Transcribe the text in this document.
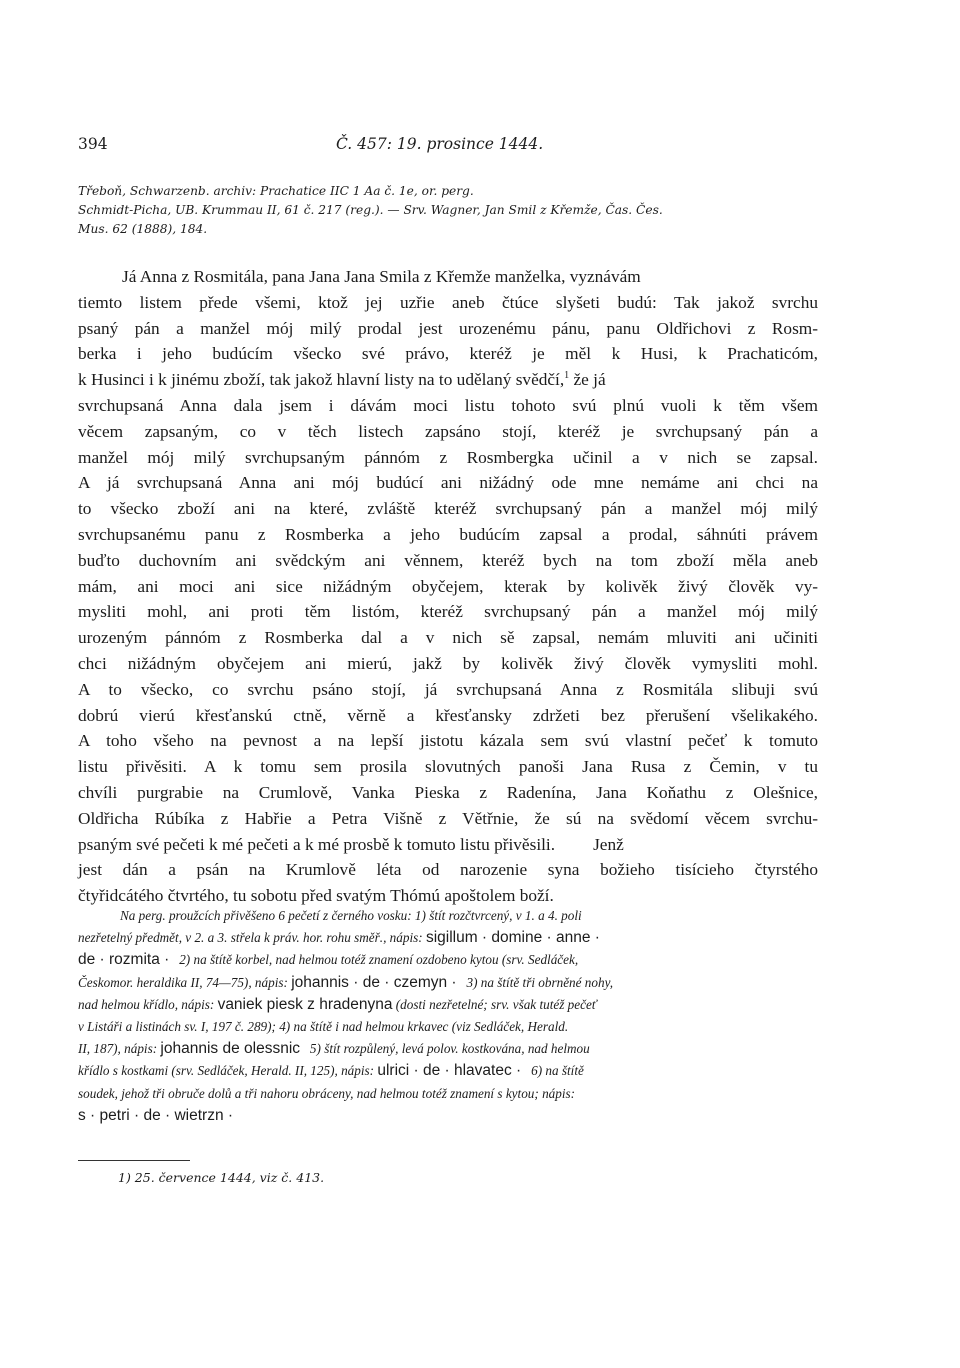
394	Č. 457: 19. prosince 1444.
Třeboň, Schwarzenb. archiv: Prachatice IIC 1 Aa č. 1e, or. perg.
Schmidt-Picha, UB. Krummau II, 61 č. 217 (reg.). — Srv. Wagner, Jan Smil z Křemže, Čas. Čes.
Mus. 62 (1888), 184.
Já Anna z Rosmitála, pana Jana Jana Smila z Křemže manželka, vyznávám
tiemto listem přede všemi, ktož jej uzřie aneb čtúce slyšeti budú: Tak jakož svrchu
psaný pán a manžel mój milý prodal jest urozenému pánu, panu Oldřichovi z Rosm-
berka i jeho budúcím všecko své právo, kteréž je měl k Husi, k Prachaticóm,
k Husinci i k jinému zboží, tak jakož hlavní listy na to udělaný svědčí,$^1$ že já
svrchupsaná Anna dala jsem i dávám moci listu tohoto svú plnú vuoli k těm všem
věcem zapsaným, co v těch listech zapsáno stojí, kteréž je svrchupsaný pán a
manžel mój milý svrchupsaným pánnóm z Rosmbergka učinil a v nich se zapsal.
A já svrchupsaná Anna ani mój budúcí ani nižádný ode mne nemáme ani chci na
to všecko zboží ani na které, zvláště kteréž svrchupsaný pán a manžel mój milý
svrchupsanému panu z Rosmberka a jeho budúcím zapsal a prodal, sáhnúti právem
buďto duchovním ani svědckým ani věnnem, kteréž bych na tom zboží měla aneb
mám, ani moci ani sice nižádným obyčejem, kterak by kolivěk živý člověk vy-
mysliti mohl, ani proti těm listóm, kteréž svrchupsaný pán a manžel mój milý
urozeným pánnóm z Rosmberka dal a v nich sě zapsal, nemám mluviti ani učiniti
chci nižádným obyčejem ani mierú, jakž by kolivěk živý člověk vymysliti mohl.
A to všecko, co svrchu psáno stojí, já svrchupsaná Anna z Rosmitála slibuji svú
dobrú vierú křesťanskú ctně, věrně a křesťansky zdržeti bez přerušení všelikakého.
A toho všeho na pevnost a na lepší jistotu kázala sem svú vlastní pečeť k tomuto
listu přivěsiti. A k tomu sem prosila slovutných panoši Jana Rusa z Čemin, v tu
chvíli purgrabie na Crumlově, Vanka Pieska z Radenína, Jana Koňathu z Olešnice,
Oldřicha Rúbíka z Habřie a Petra Višně z Větřnie, že sú na svědomí věcem svrchu-
psaným své pečeti k mé pečeti a k mé prosbě k tomuto listu přivěsili. Jenž
jest dán a psán na Krumlově léta od narozenie syna božieho tisícieho čtyrstého
čtyřidcátého čtvrtého, tu sobotu před svatým Thómú apoštolem boží.
Na perg. proužcích přivěšeno 6 pečetí z černého vosku: 1) štít rozčtvrcený, v 1. a 4. poli
nezřetelný předmět, v 2. a 3. střela k práv. hor. rohu směř., nápis: sigillum · domine · anne ·
de · rozmita · 2) na štítě korbel, nad helmou totéž znamení ozdobeno kytou (srv. Sedláček,
Českomor. heraldika II, 74—75), nápis: johannis · de · czemyn · 3) na štítě tři obrněné nohy,
nad helmou křídlo, nápis: vaniek piesk z hradenyna (dosti nezřetelné; srv. však tutéž pečeť
v Listáři a listinách sv. I, 197 č. 289); 4) na štítě i nad helmou krkavec (viz Sedláček, Herald.
II, 187), nápis: johannis de olessnic 5) štít rozpůlený, levá polov. kostkována, nad helmou
křídlo s kostkami (srv. Sedláček, Herald. II, 125), nápis: ulrici · de · hlavatec · 6) na štítě
soudek, jehož tři obruče dolů a tři nahoru obráceny, nad helmou totéž znamení s kytou; nápis:
s · petri · de · wietrzn ·
1) 25. července 1444, viz č. 413.
